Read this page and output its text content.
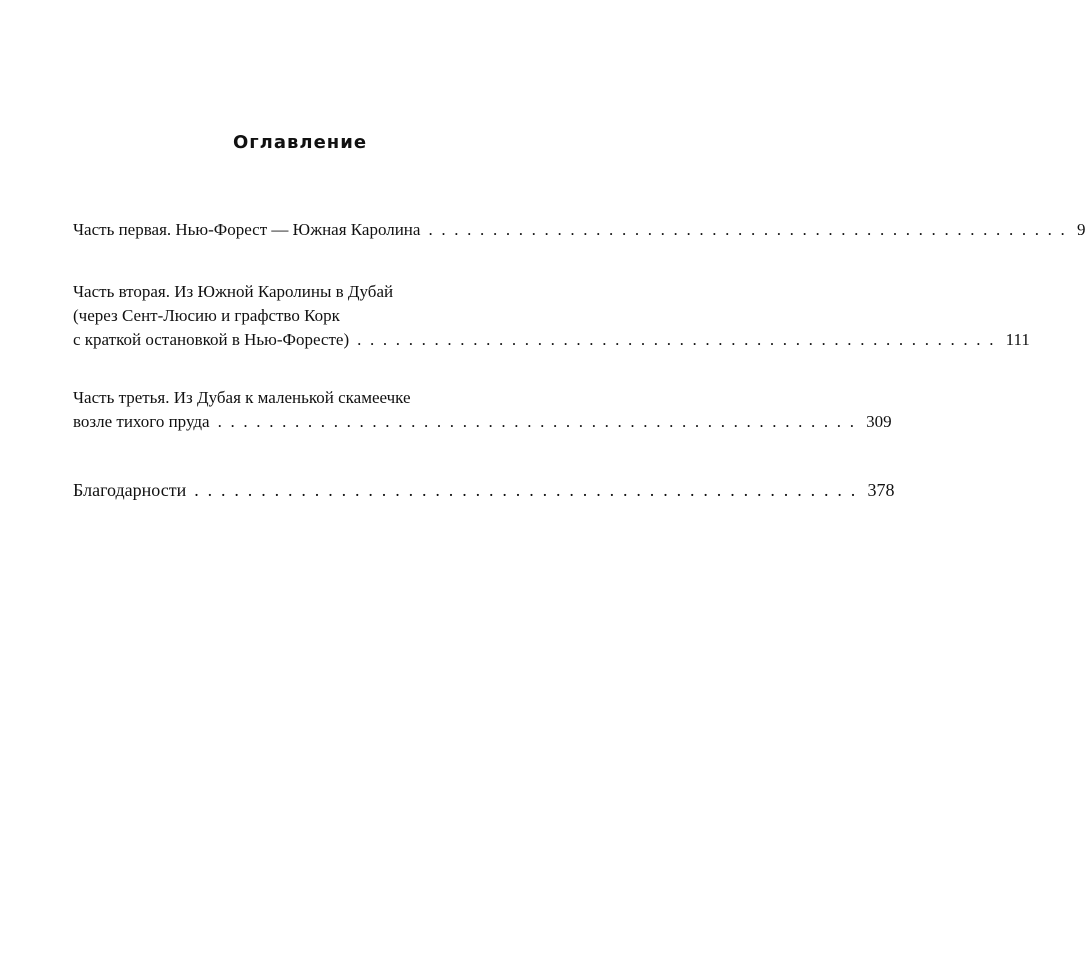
Оглавление
Часть первая. Нью-Форест — Южная Каролина . . . . . . . . . . . . . . . . . . . . . . . . . . . . . . . . . . . . . . . . . . . . . . . . . . 9
Часть вторая. Из Южной Каролины в Дубай
(через Сент-Люсию и графство Корк
с краткой остановкой в Нью-Форесте) . . . . . . . . . . . . . . . . . . . . . . . . . . . . . . . . . . . . . . . . . . . . . . . . . . 111
Часть третья. Из Дубая к маленькой скамеечке
возле тихого пруда . . . . . . . . . . . . . . . . . . . . . . . . . . . . . . . . . . . . . . . . . . . . . . . . . . 309
Благодарности . . . . . . . . . . . . . . . . . . . . . . . . . . . . . . . . . . . . . . . . . . . . . . . . . . 378
